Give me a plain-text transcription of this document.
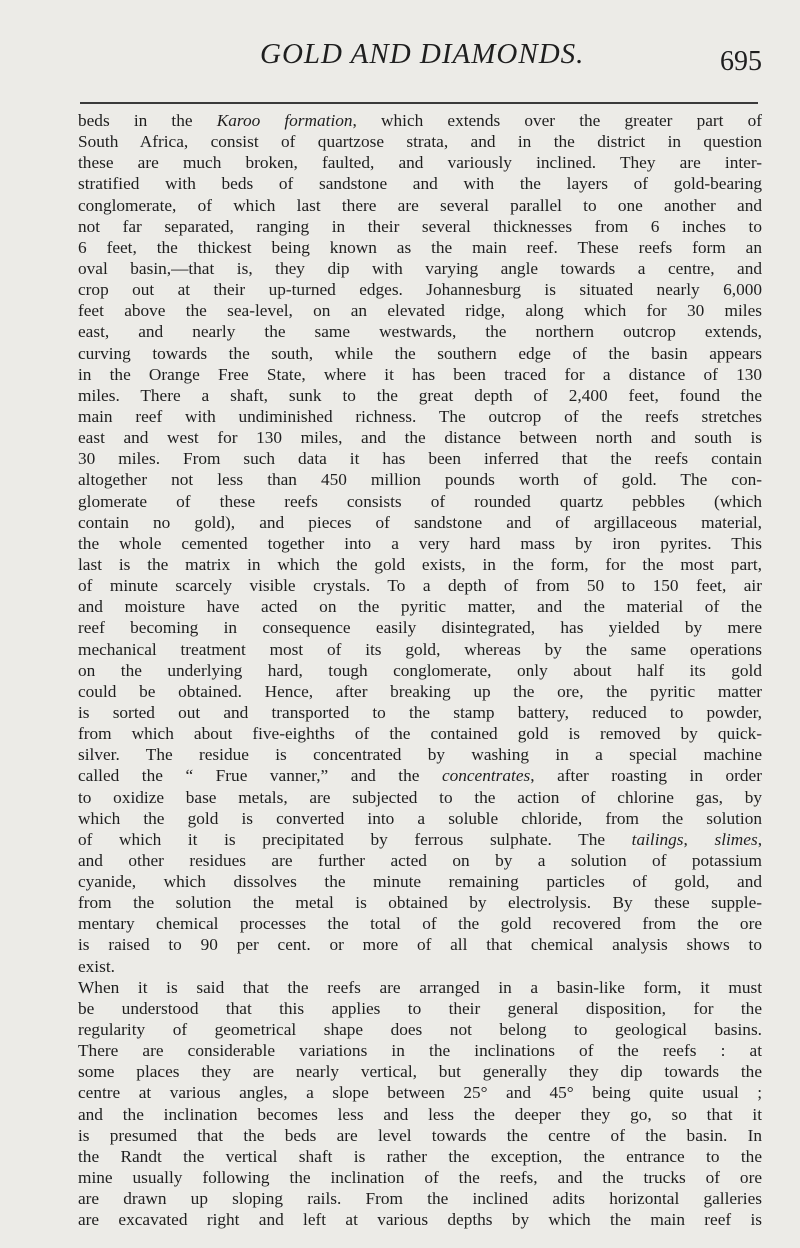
GOLD AND DIAMONDS.	695
beds in the Karoo formation, which extends over the greater part of
South Africa, consist of quartzose strata, and in the district in question
these are much broken, faulted, and variously inclined. They are inter-
stratified with beds of sandstone and with the layers of gold-bearing
conglomerate, of which last there are several parallel to one another and
not far separated, ranging in their several thicknesses from 6 inches to
6 feet, the thickest being known as the main reef. These reefs form an
oval basin,—that is, they dip with varying angle towards a centre, and
crop out at their up-turned edges. Johannesburg is situated nearly 6,000
feet above the sea-level, on an elevated ridge, along which for 30 miles
east, and nearly the same westwards, the northern outcrop extends,
curving towards the south, while the southern edge of the basin appears
in the Orange Free State, where it has been traced for a distance of 130
miles. There a shaft, sunk to the great depth of 2,400 feet, found the
main reef with undiminished richness. The outcrop of the reefs stretches
east and west for 130 miles, and the distance between north and south is
30 miles. From such data it has been inferred that the reefs contain
altogether not less than 450 million pounds worth of gold. The con-
glomerate of these reefs consists of rounded quartz pebbles (which
contain no gold), and pieces of sandstone and of argillaceous material,
the whole cemented together into a very hard mass by iron pyrites. This
last is the matrix in which the gold exists, in the form, for the most part,
of minute scarcely visible crystals. To a depth of from 50 to 150 feet, air
and moisture have acted on the pyritic matter, and the material of the
reef becoming in consequence easily disintegrated, has yielded by mere
mechanical treatment most of its gold, whereas by the same operations
on the underlying hard, tough conglomerate, only about half its gold
could be obtained. Hence, after breaking up the ore, the pyritic matter
is sorted out and transported to the stamp battery, reduced to powder,
from which about five-eighths of the contained gold is removed by quick-
silver. The residue is concentrated by washing in a special machine
called the “ Frue vanner,” and the concentrates, after roasting in order
to oxidize base metals, are subjected to the action of chlorine gas, by
which the gold is converted into a soluble chloride, from the solution
of which it is precipitated by ferrous sulphate. The tailings, slimes,
and other residues are further acted on by a solution of potassium
cyanide, which dissolves the minute remaining particles of gold, and
from the solution the metal is obtained by electrolysis. By these supple-
mentary chemical processes the total of the gold recovered from the ore
is raised to 90 per cent. or more of all that chemical analysis shows to
exist.
When it is said that the reefs are arranged in a basin-like form, it must
be understood that this applies to their general disposition, for the
regularity of geometrical shape does not belong to geological basins.
There are considerable variations in the inclinations of the reefs : at
some places they are nearly vertical, but generally they dip towards the
centre at various angles, a slope between 25° and 45° being quite usual ;
and the inclination becomes less and less the deeper they go, so that it
is presumed that the beds are level towards the centre of the basin. In
the Randt the vertical shaft is rather the exception, the entrance to the
mine usually following the inclination of the reefs, and the trucks of ore
are drawn up sloping rails. From the inclined adits horizontal galleries
are excavated right and left at various depths by which the main reef is
